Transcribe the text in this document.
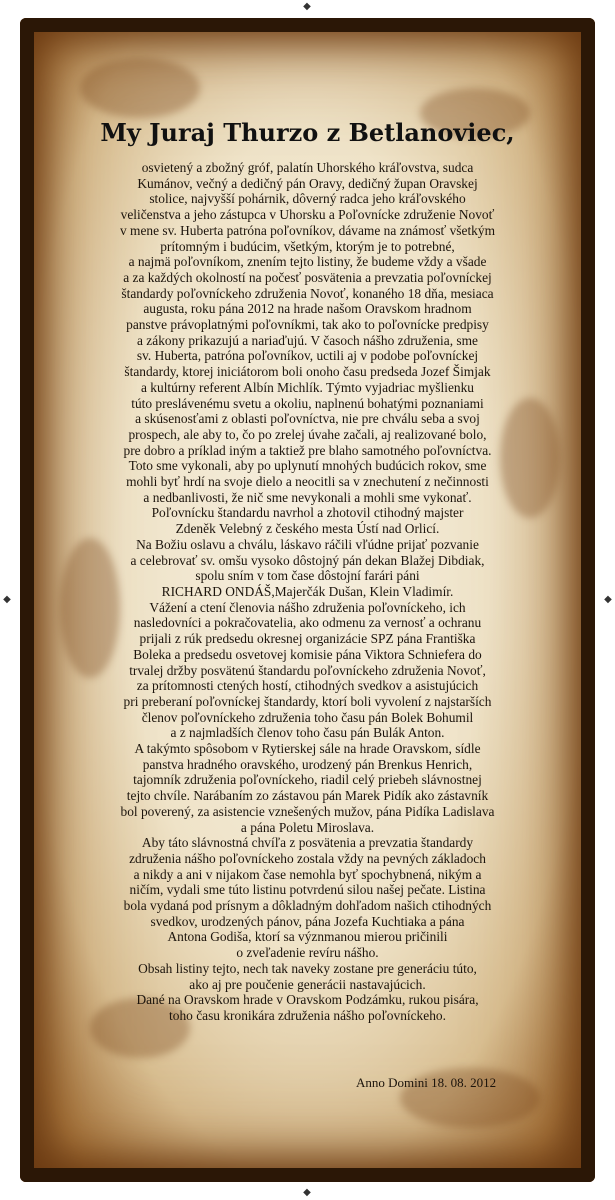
◆
◆
◆	◆
My Juraj Thurzo z Betlanoviec,
osvietený a zbožný gróf, palatín Uhorského kráľovstva, sudca
Kumánov, večný a dedičný pán Oravy, dedičný župan Oravskej
stolice, najvyšší pohárnik, dôverný radca jeho kráľovského
veličenstva a jeho zástupca v Uhorsku a Poľovnícke združenie Novoť
v mene sv. Huberta patróna poľovníkov, dávame na známosť všetkým
prítomným i budúcim, všetkým, ktorým je to potrebné,
a najmä poľovníkom, znením tejto listiny, že budeme vždy a všade
a za každých okolností na počesť posvätenia a prevzatia poľovníckej
štandardy poľovníckeho združenia Novoť, konaného 18 dňa, mesiaca
augusta, roku pána 2012 na hrade našom Oravskom hradnom
panstve právoplatnými poľovníkmi, tak ako to poľovnícke predpisy
a zákony prikazujú a nariaďujú. V časoch nášho združenia, sme
sv. Huberta, patróna poľovníkov, uctili aj v podobe poľovníckej
štandardy, ktorej iniciátorom boli onoho času predseda Jozef Šimjak
a kultúrny referent Albín Michlík. Týmto vyjadriac myšlienku
túto preslávenému svetu a okoliu, naplnenú bohatými poznaniami
a skúsenosťami z oblasti poľovníctva, nie pre chválu seba a svoj
prospech, ale aby to, čo po zrelej úvahe začali, aj realizované bolo,
pre dobro a príklad iným a taktiež pre blaho samotného poľovníctva.
Toto sme vykonali, aby po uplynutí mnohých budúcich rokov, sme
mohli byť hrdí na svoje dielo a neocitli sa v znechutení z nečinnosti
a nedbanlivosti, že nič sme nevykonali a mohli sme vykonať.
Poľovnícku štandardu navrhol a zhotovil ctihodný majster
Zdeněk Velebný z českého mesta Ústí nad Orlicí.
Na Božiu oslavu a chválu, láskavo ráčili vľúdne prijať pozvanie
a celebrovať sv. omšu vysoko dôstojný pán dekan Blažej Dibdiak,
spolu sním v tom čase dôstojní farári páni
RICHARD ONDÁŠ,Majerčák Dušan, Klein Vladimír.
Vážení a ctení členovia nášho združenia poľovníckeho, ich
nasledovníci a pokračovatelia, ako odmenu za vernosť a ochranu
prijali z rúk predsedu okresnej organizácie SPZ pána Františka
Boleka a predsedu osvetovej komisie pána Viktora Schniefera do
trvalej držby posvätenú štandardu poľovníckeho združenia Novoť,
za prítomnosti ctených hostí, ctihodných svedkov a asistujúcich
pri preberaní poľovníckej štandardy, ktorí boli vyvolení z najstarších
členov poľovníckeho združenia toho času pán Bolek Bohumil
a z najmladších členov toho času pán Bulák Anton.
A takýmto spôsobom v Rytierskej sále na hrade Oravskom, sídle
panstva hradného oravského, urodzený pán Brenkus Henrich,
tajomník združenia poľovníckeho, riadil celý priebeh slávnostnej
tejto chvíle. Narábaním zo zástavou pán Marek Pidík ako zástavník
bol poverený, za asistencie vznešených mužov, pána Pidíka Ladislava
a pána Poletu Miroslava.
Aby táto slávnostná chvíľa z posvätenia a prevzatia štandardy
združenia nášho poľovníckeho zostala vždy na pevných základoch
a nikdy a ani v nijakom čase nemohla byť spochybnená, nikým a
ničím, vydali sme túto listinu potvrdenú silou našej pečate. Listina
bola vydaná pod prísnym a dôkladným dohľadom našich ctihodných
svedkov, urodzených pánov, pána Jozefa Kuchtiaka a pána
Antona Godiša, ktorí sa význmanou mierou pričinili
o zveľadenie revíru nášho.
Obsah listiny tejto, nech tak naveky zostane pre generáciu túto,
ako aj pre poučenie generácii nastavajúcich.
Dané na Oravskom hrade v Oravskom Podzámku, rukou pisára,
toho času kronikára združenia nášho poľovníckeho.
Anno Domini 18. 08. 2012
